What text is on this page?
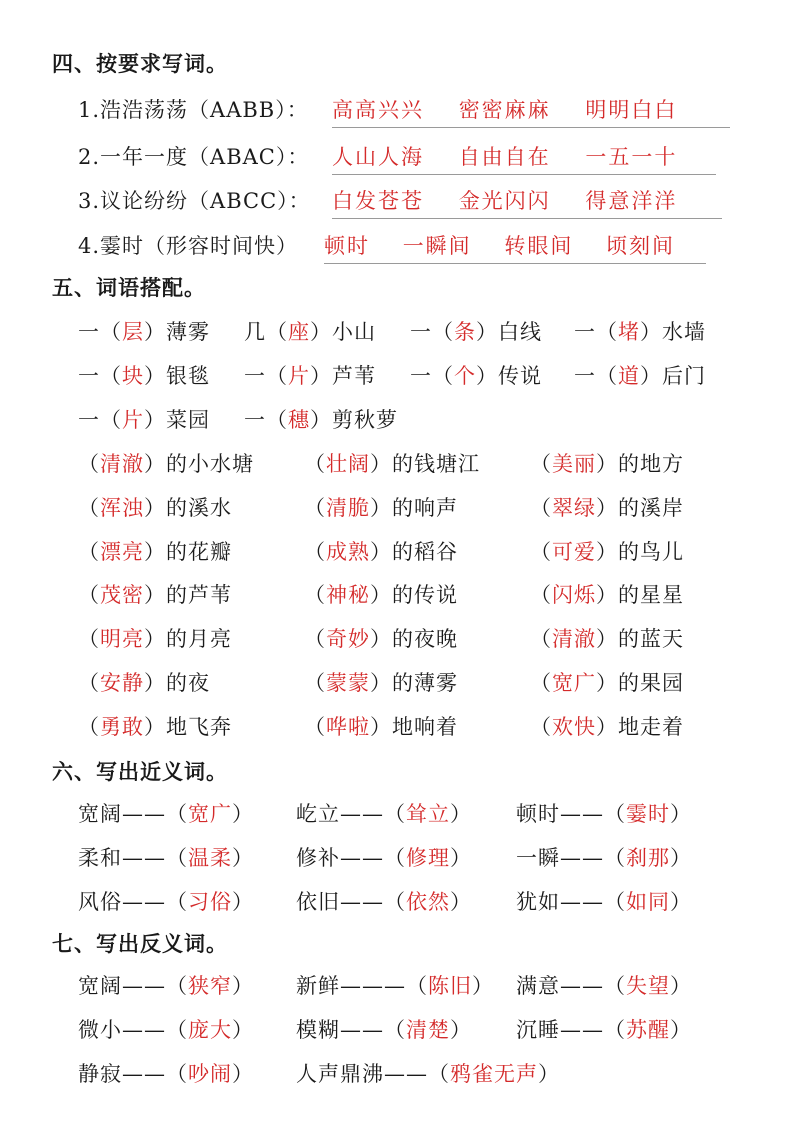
四、按要求写词。
1.浩浩荡荡（AABB）： 高高兴兴 密密麻麻 明明白白
2.一年一度（ABAC）： 人山人海 自由自在 一五一十
3.议论纷纷（ABCC）： 白发苍苍 金光闪闪 得意洋洋
4.霎时（形容时间快） 顿时 一瞬间 转眼间 顷刻间
五、词语搭配。
一（层）薄雾 几（座）小山 一（条）白线 一（堵）水墙
一（块）银毯 一（片）芦苇 一（个）传说 一（道）后门
一（片）菜园 一（穗）剪秋萝
（清澈）的小水塘 （壮阔）的钱塘江 （美丽）的地方
（浑浊）的溪水	（清脆）的响声	（翠绿）的溪岸
（漂亮）的花瓣	（成熟）的稻谷	（可爱）的鸟儿
（茂密）的芦苇	（神秘）的传说	（闪烁）的星星
（明亮）的月亮	（奇妙）的夜晚	（清澈）的蓝天
（安静）的夜	（蒙蒙）的薄雾	（宽广）的果园
（勇敢）地飞奔	（哗啦）地响着	（欢快）地走着
六、写出近义词。
宽阔——（宽广） 屹立——（耸立） 顿时——（霎时）
柔和——（温柔） 修补——（修理） 一瞬——（刹那）
风俗——（习俗） 依旧——（依然） 犹如——（如同）
七、写出反义词。
宽阔——（狭窄） 新鲜———（陈旧） 满意——（失望）
微小——（庞大） 模糊——（清楚） 沉睡——（苏醒）
静寂——（吵闹） 人声鼎沸——（鸦雀无声）
